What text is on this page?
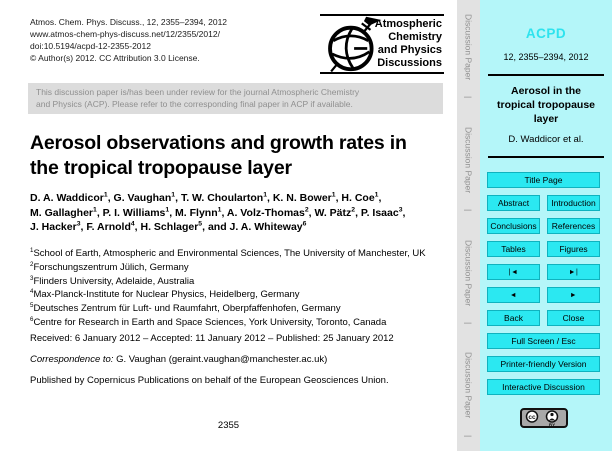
Atmos. Chem. Phys. Discuss., 12, 2355–2394, 2012
www.atmos-chem-phys-discuss.net/12/2355/2012/
doi:10.5194/acpd-12-2355-2012
© Author(s) 2012. CC Attribution 3.0 License.
Atmospheric
Chemistry
and Physics
Discussions
This discussion paper is/has been under review for the journal Atmospheric Chemistry
and Physics (ACP). Please refer to the corresponding final paper in ACP if available.
Aerosol observations and growth rates in
the tropical tropopause layer
D. A. Waddicor$^1$, G. Vaughan$^1$, T. W. Choularton$^1$, K. N. Bower$^1$, H. Coe$^1$,
M. Gallagher$^1$, P. I. Williams$^1$, M. Flynn$^1$, A. Volz-Thomas$^2$, W. Pätz$^2$, P. Isaac$^3$,
J. Hacker$^3$, F. Arnold$^4$, H. Schlager$^5$, and J. A. Whiteway$^6$
$^1$School of Earth, Atmospheric and Environmental Sciences, The University of Manchester, UK
$^2$Forschungszentrum Jülich, Germany
$^3$Flinders University, Adelaide, Australia
$^4$Max-Planck-Institute for Nuclear Physics, Heidelberg, Germany
$^5$Deutsches Zentrum für Luft- und Raumfahrt, Oberpfaffenhofen, Germany
$^6$Centre for Research in Earth and Space Sciences, York University, Toronto, Canada
Received: 6 January 2012 – Accepted: 11 January 2012 – Published: 25 January 2012
Correspondence to: G. Vaughan (geraint.vaughan@manchester.ac.uk)
Published by Copernicus Publications on behalf of the European Geosciences Union.
2355
Discussion Paper
|
Discussion Paper
|
Discussion Paper
|
Discussion Paper
|
ACPD
12, 2355–2394, 2012
Aerosol in the
tropical tropopause
layer
D. Waddicor et al.
Title Page
Abstract	Introduction
Conclusions	References
Tables	Figures
|◄	►|
◄	►
Back	Close
Full Screen / Esc
Printer-friendly Version
Interactive Discussion
cc
BY
